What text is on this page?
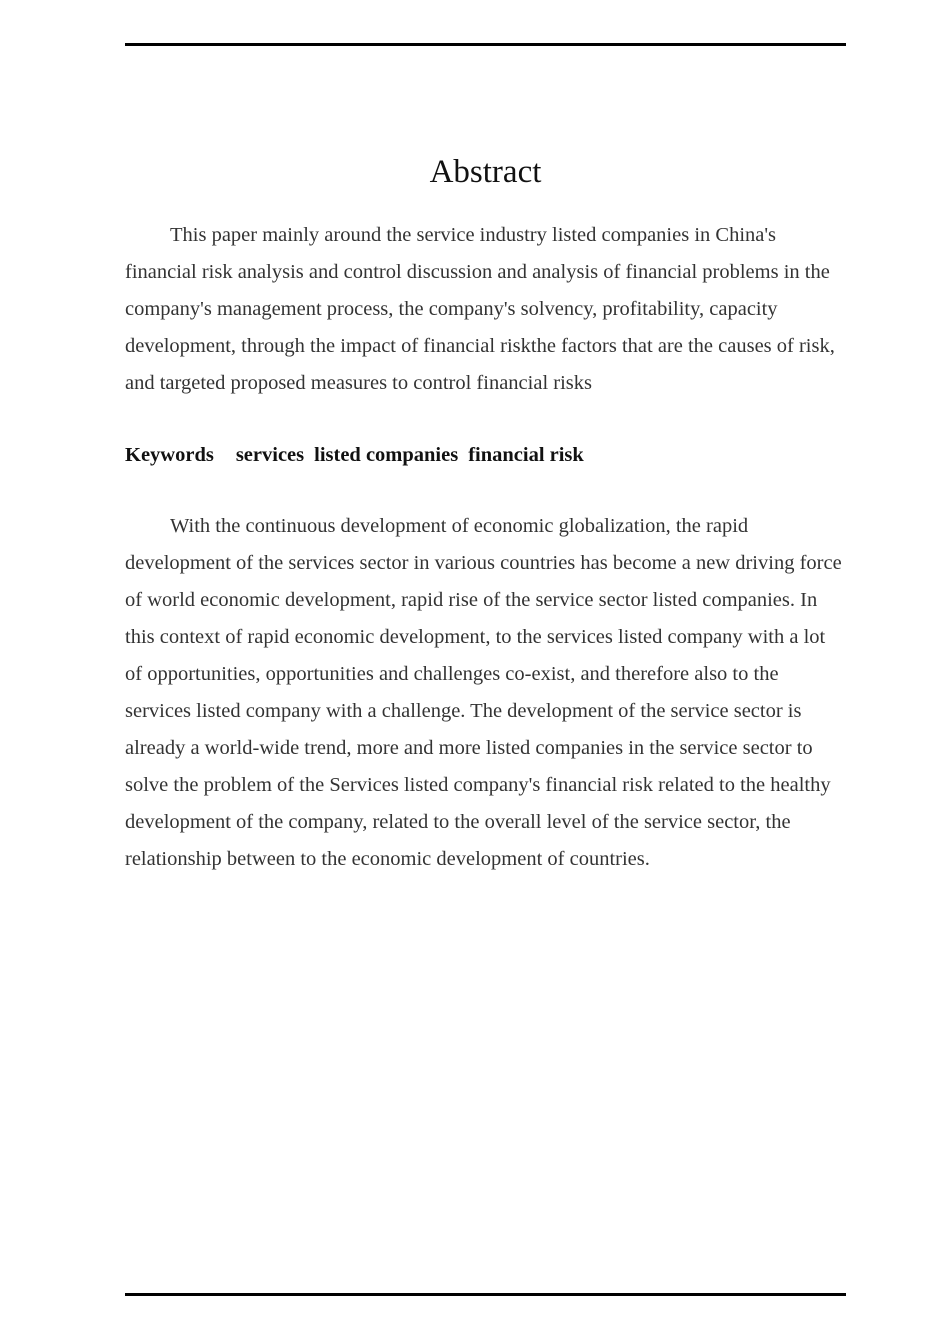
Abstract

This paper mainly around the service industry listed companies in China's financial risk analysis and control discussion and analysis of financial problems in the company's management process, the company's solvency, profitability, capacity development, through the impact of financial riskthe factors that are the causes of risk, and targeted proposed measures to control financial risks

Keywords services listed companies financial risk

With the continuous development of economic globalization, the rapid development of the services sector in various countries has become a new driving force of world economic development, rapid rise of the service sector listed companies. In this context of rapid economic development, to the services listed company with a lot of opportunities, opportunities and challenges co-exist, and therefore also to the services listed company with a challenge. The development of the service sector is already a world-wide trend, more and more listed companies in the service sector to solve the problem of the Services listed company's financial risk related to the healthy development of the company, related to the overall level of the service sector, the relationship between to the economic development of countries.
